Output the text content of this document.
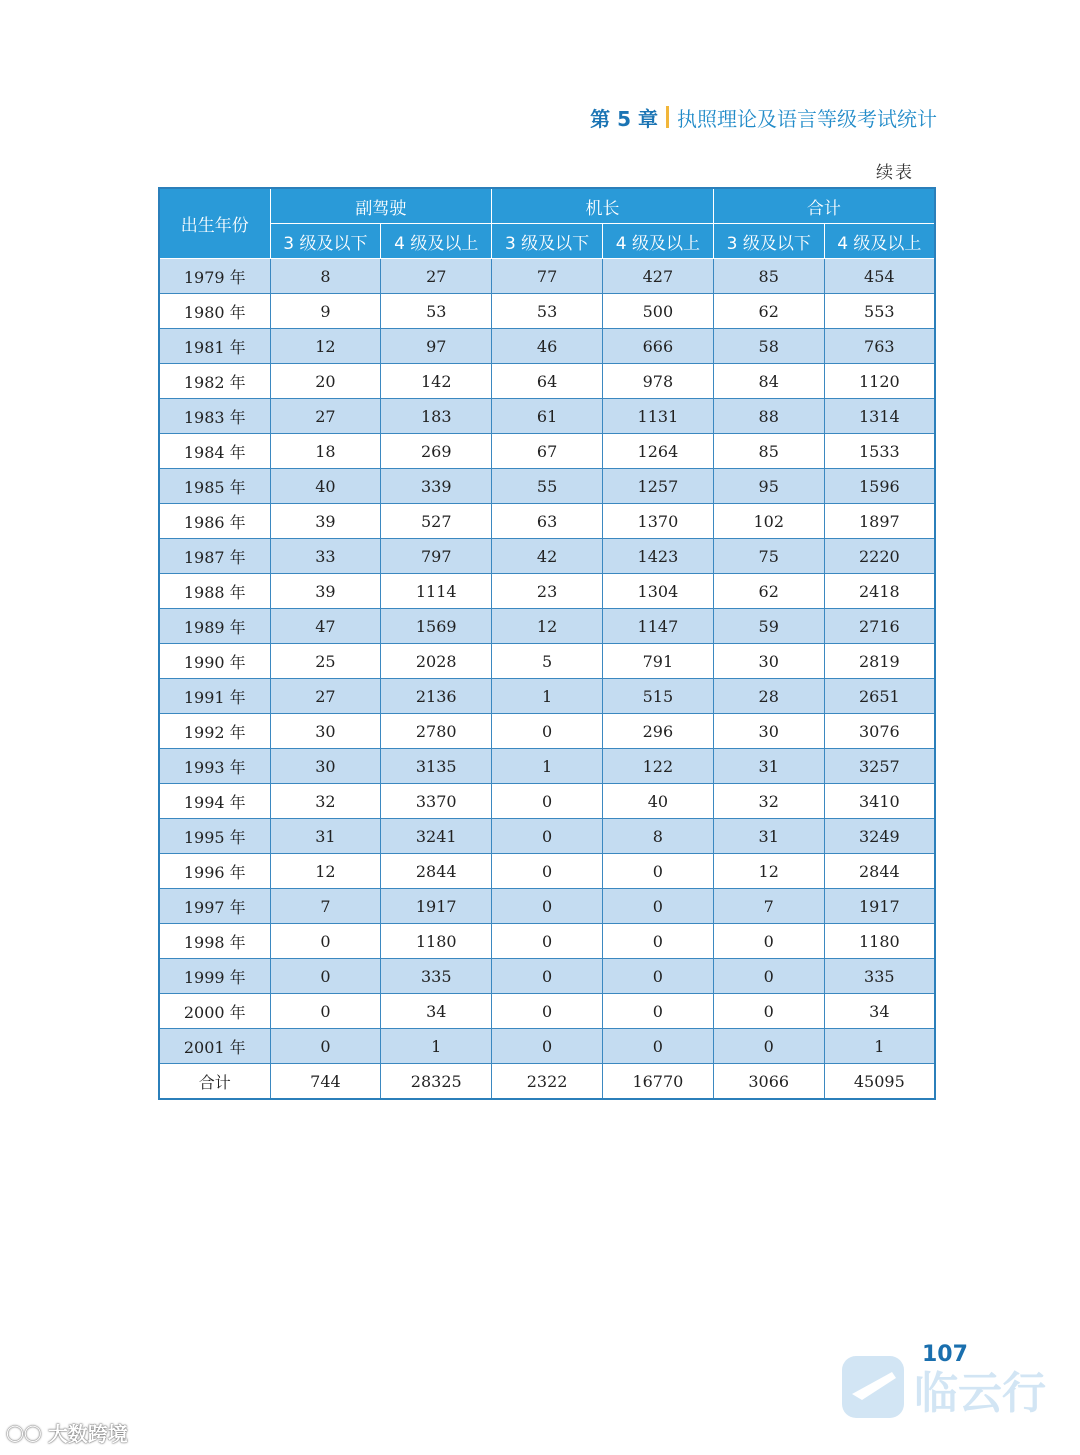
第 5 章 执照理论及语言等级考试统计
续表
出生年份	副驾驶		机长		合计	
	3 级及以下	4 级及以上	3 级及以下	4 级及以上	3 级及以下	4 级及以上
1979 年	8	27	77	427	85	454
1980 年	9	53	53	500	62	553
1981 年	12	97	46	666	58	763
1982 年	20	142	64	978	84	1120
1983 年	27	183	61	1131	88	1314
1984 年	18	269	67	1264	85	1533
1985 年	40	339	55	1257	95	1596
1986 年	39	527	63	1370	102	1897
1987 年	33	797	42	1423	75	2220
1988 年	39	1114	23	1304	62	2418
1989 年	47	1569	12	1147	59	2716
1990 年	25	2028	5	791	30	2819
1991 年	27	2136	1	515	28	2651
1992 年	30	2780	0	296	30	3076
1993 年	30	3135	1	122	31	3257
1994 年	32	3370	0	40	32	3410
1995 年	31	3241	0	8	31	3249
1996 年	12	2844	0	0	12	2844
1997 年	7	1917	0	0	7	1917
1998 年	0	1180	0	0	0	1180
1999 年	0	335	0	0	0	335
2000 年	0	34	0	0	0	34
2001 年	0	1	0	0	0	1
合计	744	28325	2322	16770	3066	45095
107
◯◯ 大数跨境
临云行
